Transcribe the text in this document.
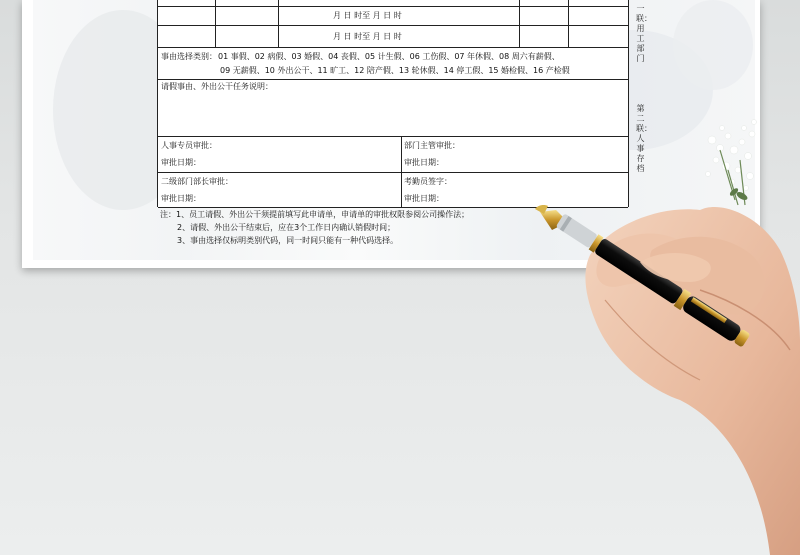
月 日 时至 月 日 时
月 日 时至 月 日 时
事由选择类别： 01 事假、02 病假、03 婚假、04 丧假、05 计生假、06 工伤假、07 年休假、08 周六有薪假、
09 无薪假、10 外出公干、11 旷工、12 陪产假、13 轮休假、14 停工假、15 婚检假、16 产检假
请假事由、外出公干任务说明：
人事专员审批：
审批日期：
部门主管审批：
审批日期：
二级部门部长审批：
审批日期：
考勤员签字：
审批日期：
一联：用工部门
第二联：人事存档
注：1、员工请假、外出公干须提前填写此申请单，申请单的审批权限参阅公司操作法；
2、请假、外出公干结束后，应在3个工作日内确认销假时间；
3、事由选择仅标明类别代码，同一时间只能有一种代码选择。
